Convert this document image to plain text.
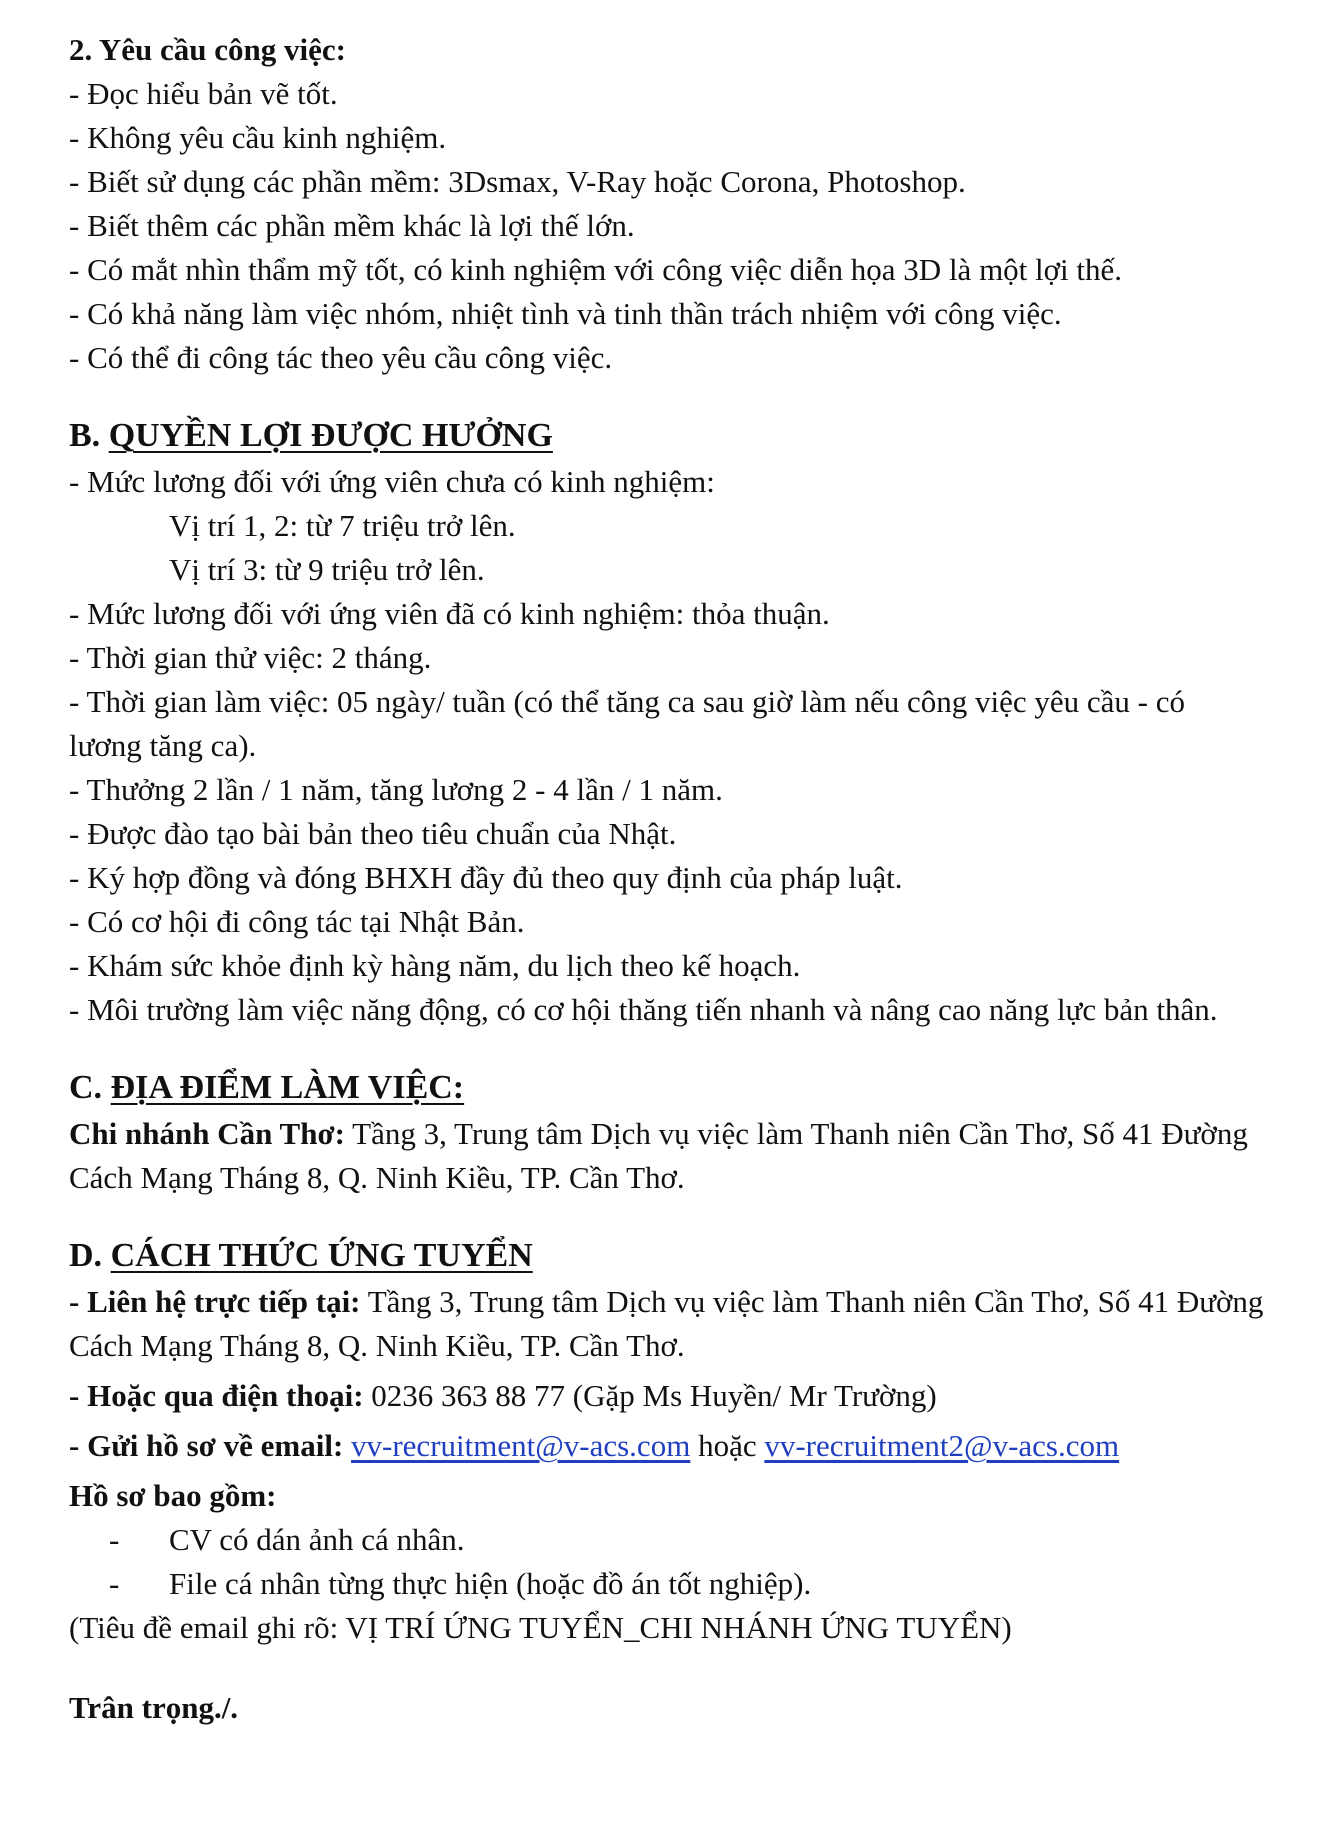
2. Yêu cầu công việc:

- Đọc hiểu bản vẽ tốt.

- Không yêu cầu kinh nghiệm.

- Biết sử dụng các phần mềm: 3Dsmax, V-Ray hoặc Corona, Photoshop.

- Biết thêm các phần mềm khác là lợi thế lớn.

- Có mắt nhìn thẩm mỹ tốt, có kinh nghiệm với công việc diễn họa 3D là một lợi thế.

- Có khả năng làm việc nhóm, nhiệt tình và tinh thần trách nhiệm với công việc.

- Có thể đi công tác theo yêu cầu công việc.

B. QUYỀN LỢI ĐƯỢC HƯỞNG

- Mức lương đối với ứng viên chưa có kinh nghiệm:

Vị trí 1, 2: từ 7 triệu trở lên.

Vị trí 3: từ 9 triệu trở lên.

- Mức lương đối với ứng viên đã có kinh nghiệm: thỏa thuận.

- Thời gian thử việc: 2 tháng.

- Thời gian làm việc: 05 ngày/ tuần (có thể tăng ca sau giờ làm nếu công việc yêu cầu - có lương tăng ca).

- Thưởng 2 lần / 1 năm, tăng lương 2 - 4 lần / 1 năm.

- Được đào tạo bài bản theo tiêu chuẩn của Nhật.

- Ký hợp đồng và đóng BHXH đầy đủ theo quy định của pháp luật.

- Có cơ hội đi công tác tại Nhật Bản.

- Khám sức khỏe định kỳ hàng năm, du lịch theo kế hoạch.

- Môi trường làm việc năng động, có cơ hội thăng tiến nhanh và nâng cao năng lực bản thân.

C. ĐỊA ĐIỂM LÀM VIỆC:

Chi nhánh Cần Thơ: Tầng 3, Trung tâm Dịch vụ việc làm Thanh niên Cần Thơ, Số 41 Đường Cách Mạng Tháng 8, Q. Ninh Kiều, TP. Cần Thơ.

D. CÁCH THỨC ỨNG TUYỂN

- Liên hệ trực tiếp tại: Tầng 3, Trung tâm Dịch vụ việc làm Thanh niên Cần Thơ, Số 41 Đường Cách Mạng Tháng 8, Q. Ninh Kiều, TP. Cần Thơ.

- Hoặc qua điện thoại: 0236 363 88 77 (Gặp Ms Huyền/ Mr Trường)

- Gửi hồ sơ về email: vv-recruitment@v-acs.com hoặc vv-recruitment2@v-acs.com

Hồ sơ bao gồm:

-	CV có dán ảnh cá nhân.
-	File cá nhân từng thực hiện (hoặc đồ án tốt nghiệp).

(Tiêu đề email ghi rõ: VỊ TRÍ ỨNG TUYỂN_CHI NHÁNH ỨNG TUYỂN)

Trân trọng./.
